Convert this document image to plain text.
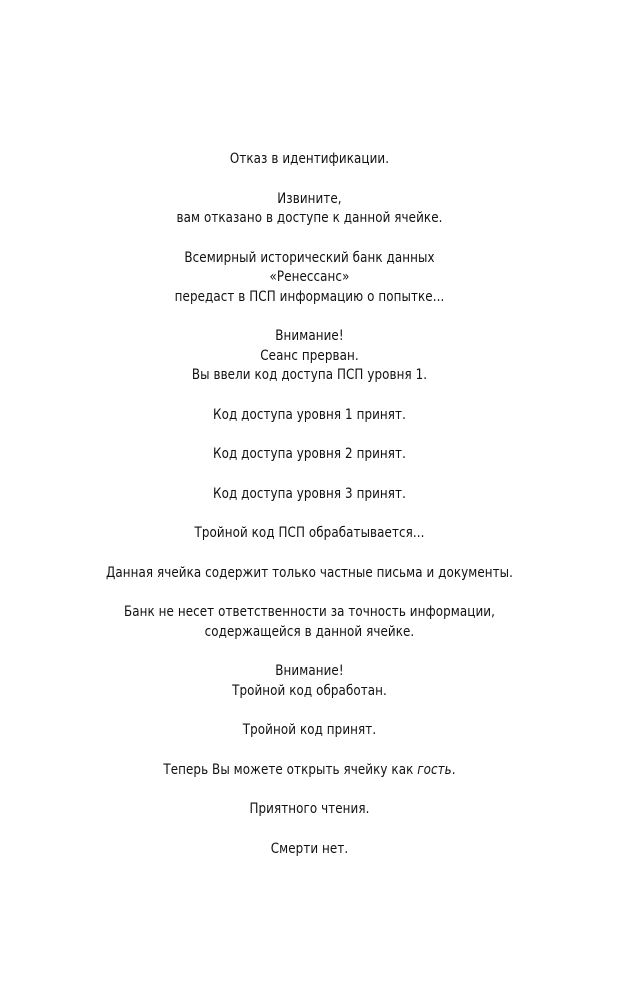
Отказ в идентификации.
Извините,
вам отказано в доступе к данной ячейке.
Всемирный исторический банк данных
«Ренессанс»
передаст в ПСП информацию о попытке...
Внимание!
Сеанс прерван.
Вы ввели код доступа ПСП уровня 1.
Код доступа уровня 1 принят.
Код доступа уровня 2 принят.
Код доступа уровня 3 принят.
Тройной код ПСП обрабатывается...
Данная ячейка содержит только частные письма и документы.
Банк не несет ответственности за точность информации,
содержащейся в данной ячейке.
Внимание!
Тройной код обработан.
Тройной код принят.
Теперь Вы можете открыть ячейку как гость.
Приятного чтения.
Смерти нет.
